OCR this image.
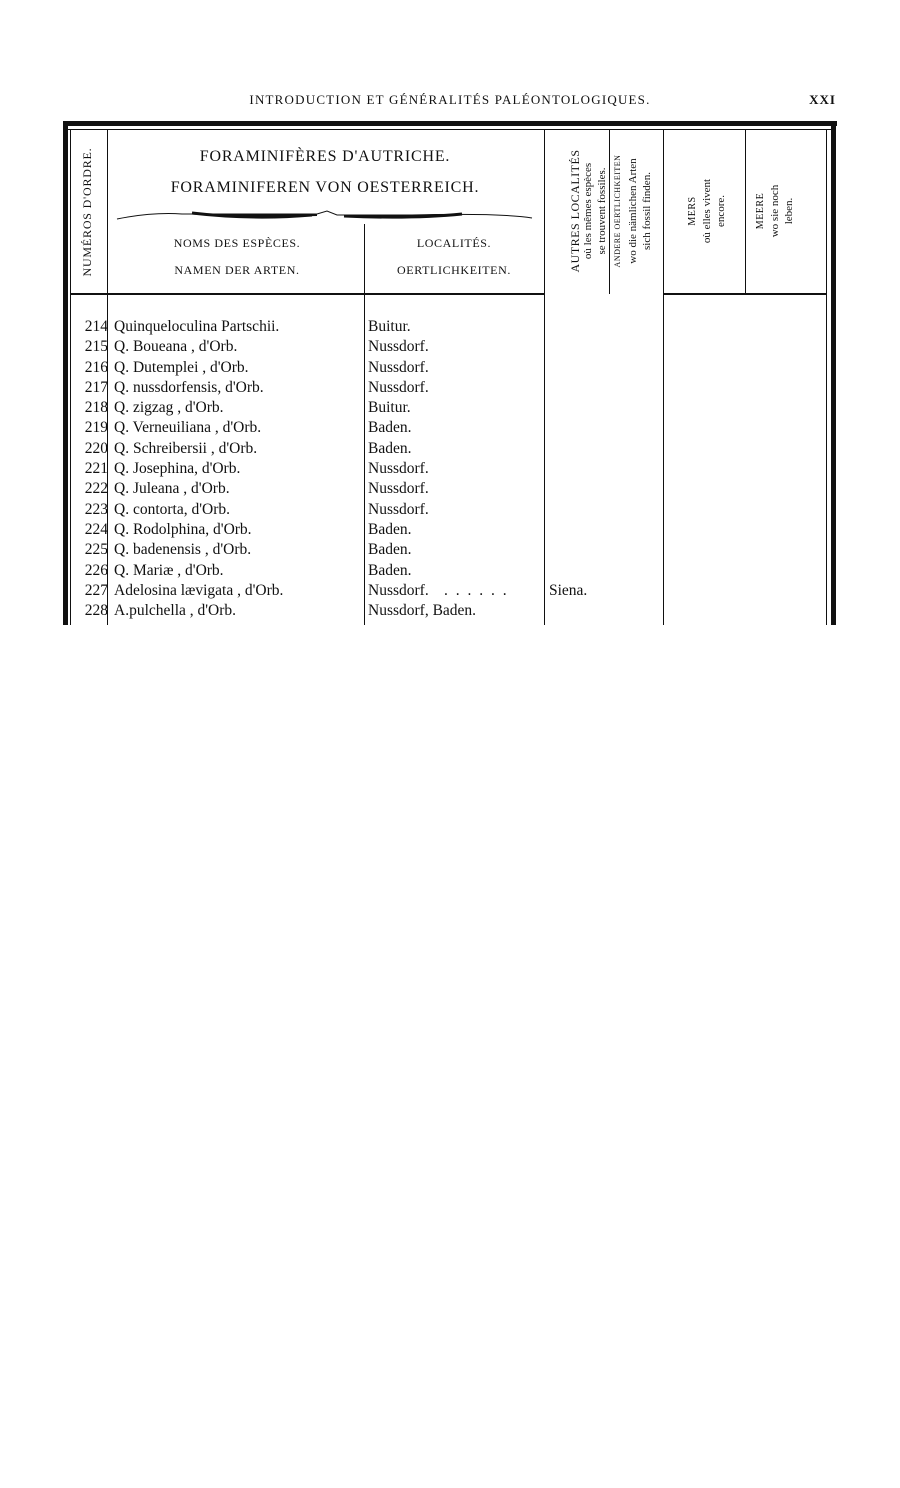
INTRODUCTION ET GÉNÉRALITÉS PALÉONTOLOGIQUES.	XXI
NUMÉROS D'ORDRE.	FORAMINIFÈRES D'AUTRICHE.
FORAMINIFEREN VON OESTERREICH.
NOMS DES ESPÈCES.
NAMEN DER ARTEN.
LOCALITÉS.
OERTLICHKEITEN.	AUTRES LOCALITÉS où les mêmes espèces se trouvent fossiles. ANDERE OERTLICHKEITEN wo die nämlichen Arten sich fossil finden.	MERS où elles vivent encore.	MEERE wo sie noch leben.
214 Quinqueloculina Partschii.	Buitur.
215 Q. Boueana , d'Orb.	Nussdorf.
216 Q. Dutemplei , d'Orb.	Nussdorf.
217 Q. nussdorfensis, d'Orb.	Nussdorf.
218 Q. zigzag , d'Orb.	Buitur.
219 Q. Verneuiliana , d'Orb.	Baden.
220 Q. Schreibersii , d'Orb.	Baden.
221 Q. Josephina, d'Orb.	Nussdorf.
222 Q. Juleana , d'Orb.	Nussdorf.
223 Q. contorta, d'Orb.	Nussdorf.
224 Q. Rodolphina, d'Orb.	Baden.
225 Q. badenensis , d'Orb.	Baden.
226 Q. Mariæ , d'Orb.	Baden.
227 Adelosina lævigata , d'Orb.	Nussdorf. . . . . . .	Siena.
228 A.pulchella , d'Orb.	Nussdorf, Baden.
